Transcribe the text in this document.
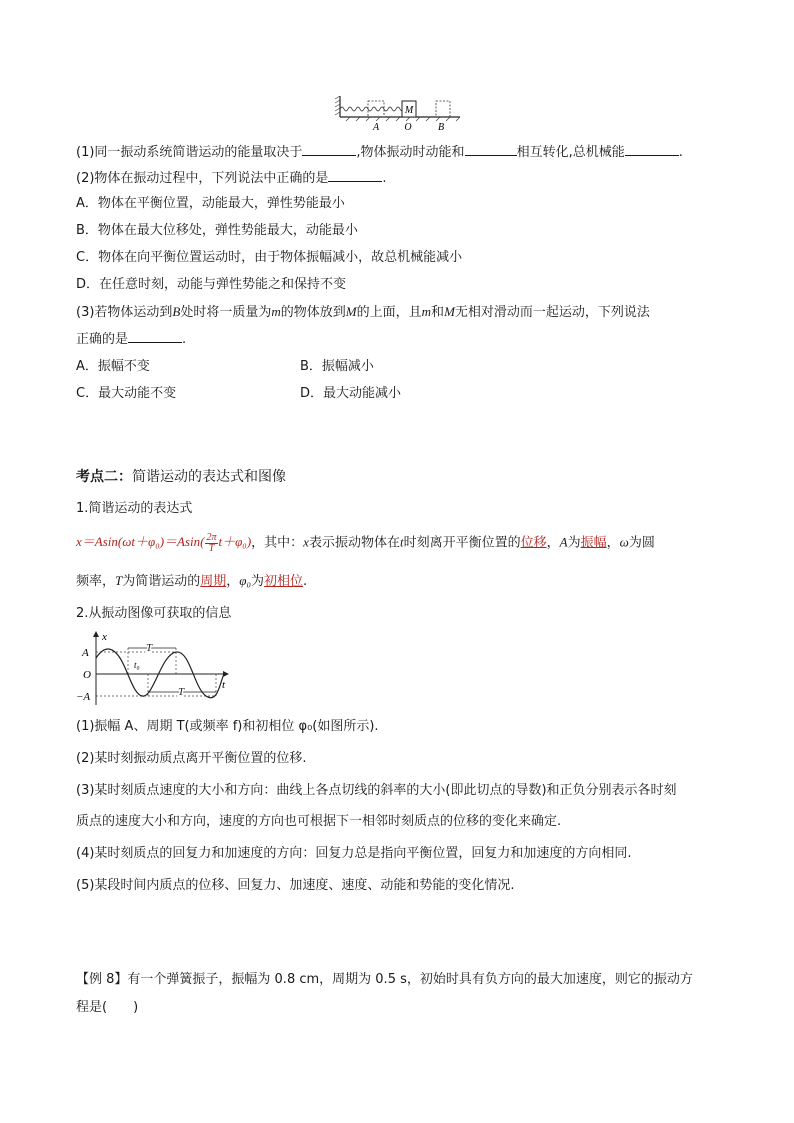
M
A	O	B
(1)同一振动系统简谐运动的能量取决于	,物体振动时动能和	相互转化,总机械能	.
(2)物体在振动过程中，下列说法中正确的是	.
A．物体在平衡位置，动能最大，弹性势能最小
B．物体在最大位移处，弹性势能最大，动能最小
C．物体在向平衡位置运动时，由于物体振幅减小，故总机械能减小
D．在任意时刻，动能与弹性势能之和保持不变
(3)若物体运动到B处时将一质量为m的物体放到M的上面，且m和M无相对滑动而一起运动，下列说法
正确的是	.
A．振幅不变	B．振幅减小
C．最大动能不变	D．最大动能减小
考点二：简谐运动的表达式和图像
1.简谐运动的表达式
$x=Asin(\omega t+\varphi_0)=Asin( \frac{2\pi}{T} t+\varphi_0)$，其中：x表示振动物体在t时刻离开平衡位置的位移，A为振幅，ω为圆
频率，T为简谐运动的周期，φ₀为初相位.
2.从振动图像可获取的信息
x
A
O
−A
t
T
T
t₀
(1)振幅 A、周期 T(或频率 f)和初相位 φ₀(如图所示).
(2)某时刻振动质点离开平衡位置的位移.
(3)某时刻质点速度的大小和方向：曲线上各点切线的斜率的大小(即此切点的导数)和正负分别表示各时刻
质点的速度大小和方向，速度的方向也可根据下一相邻时刻质点的位移的变化来确定.
(4)某时刻质点的回复力和加速度的方向：回复力总是指向平衡位置，回复力和加速度的方向相同.
(5)某段时间内质点的位移、回复力、加速度、速度、动能和势能的变化情况.
【例 8】有一个弹簧振子，振幅为 0.8 cm，周期为 0.5 s，初始时具有负方向的最大加速度，则它的振动方
程是(　　)
